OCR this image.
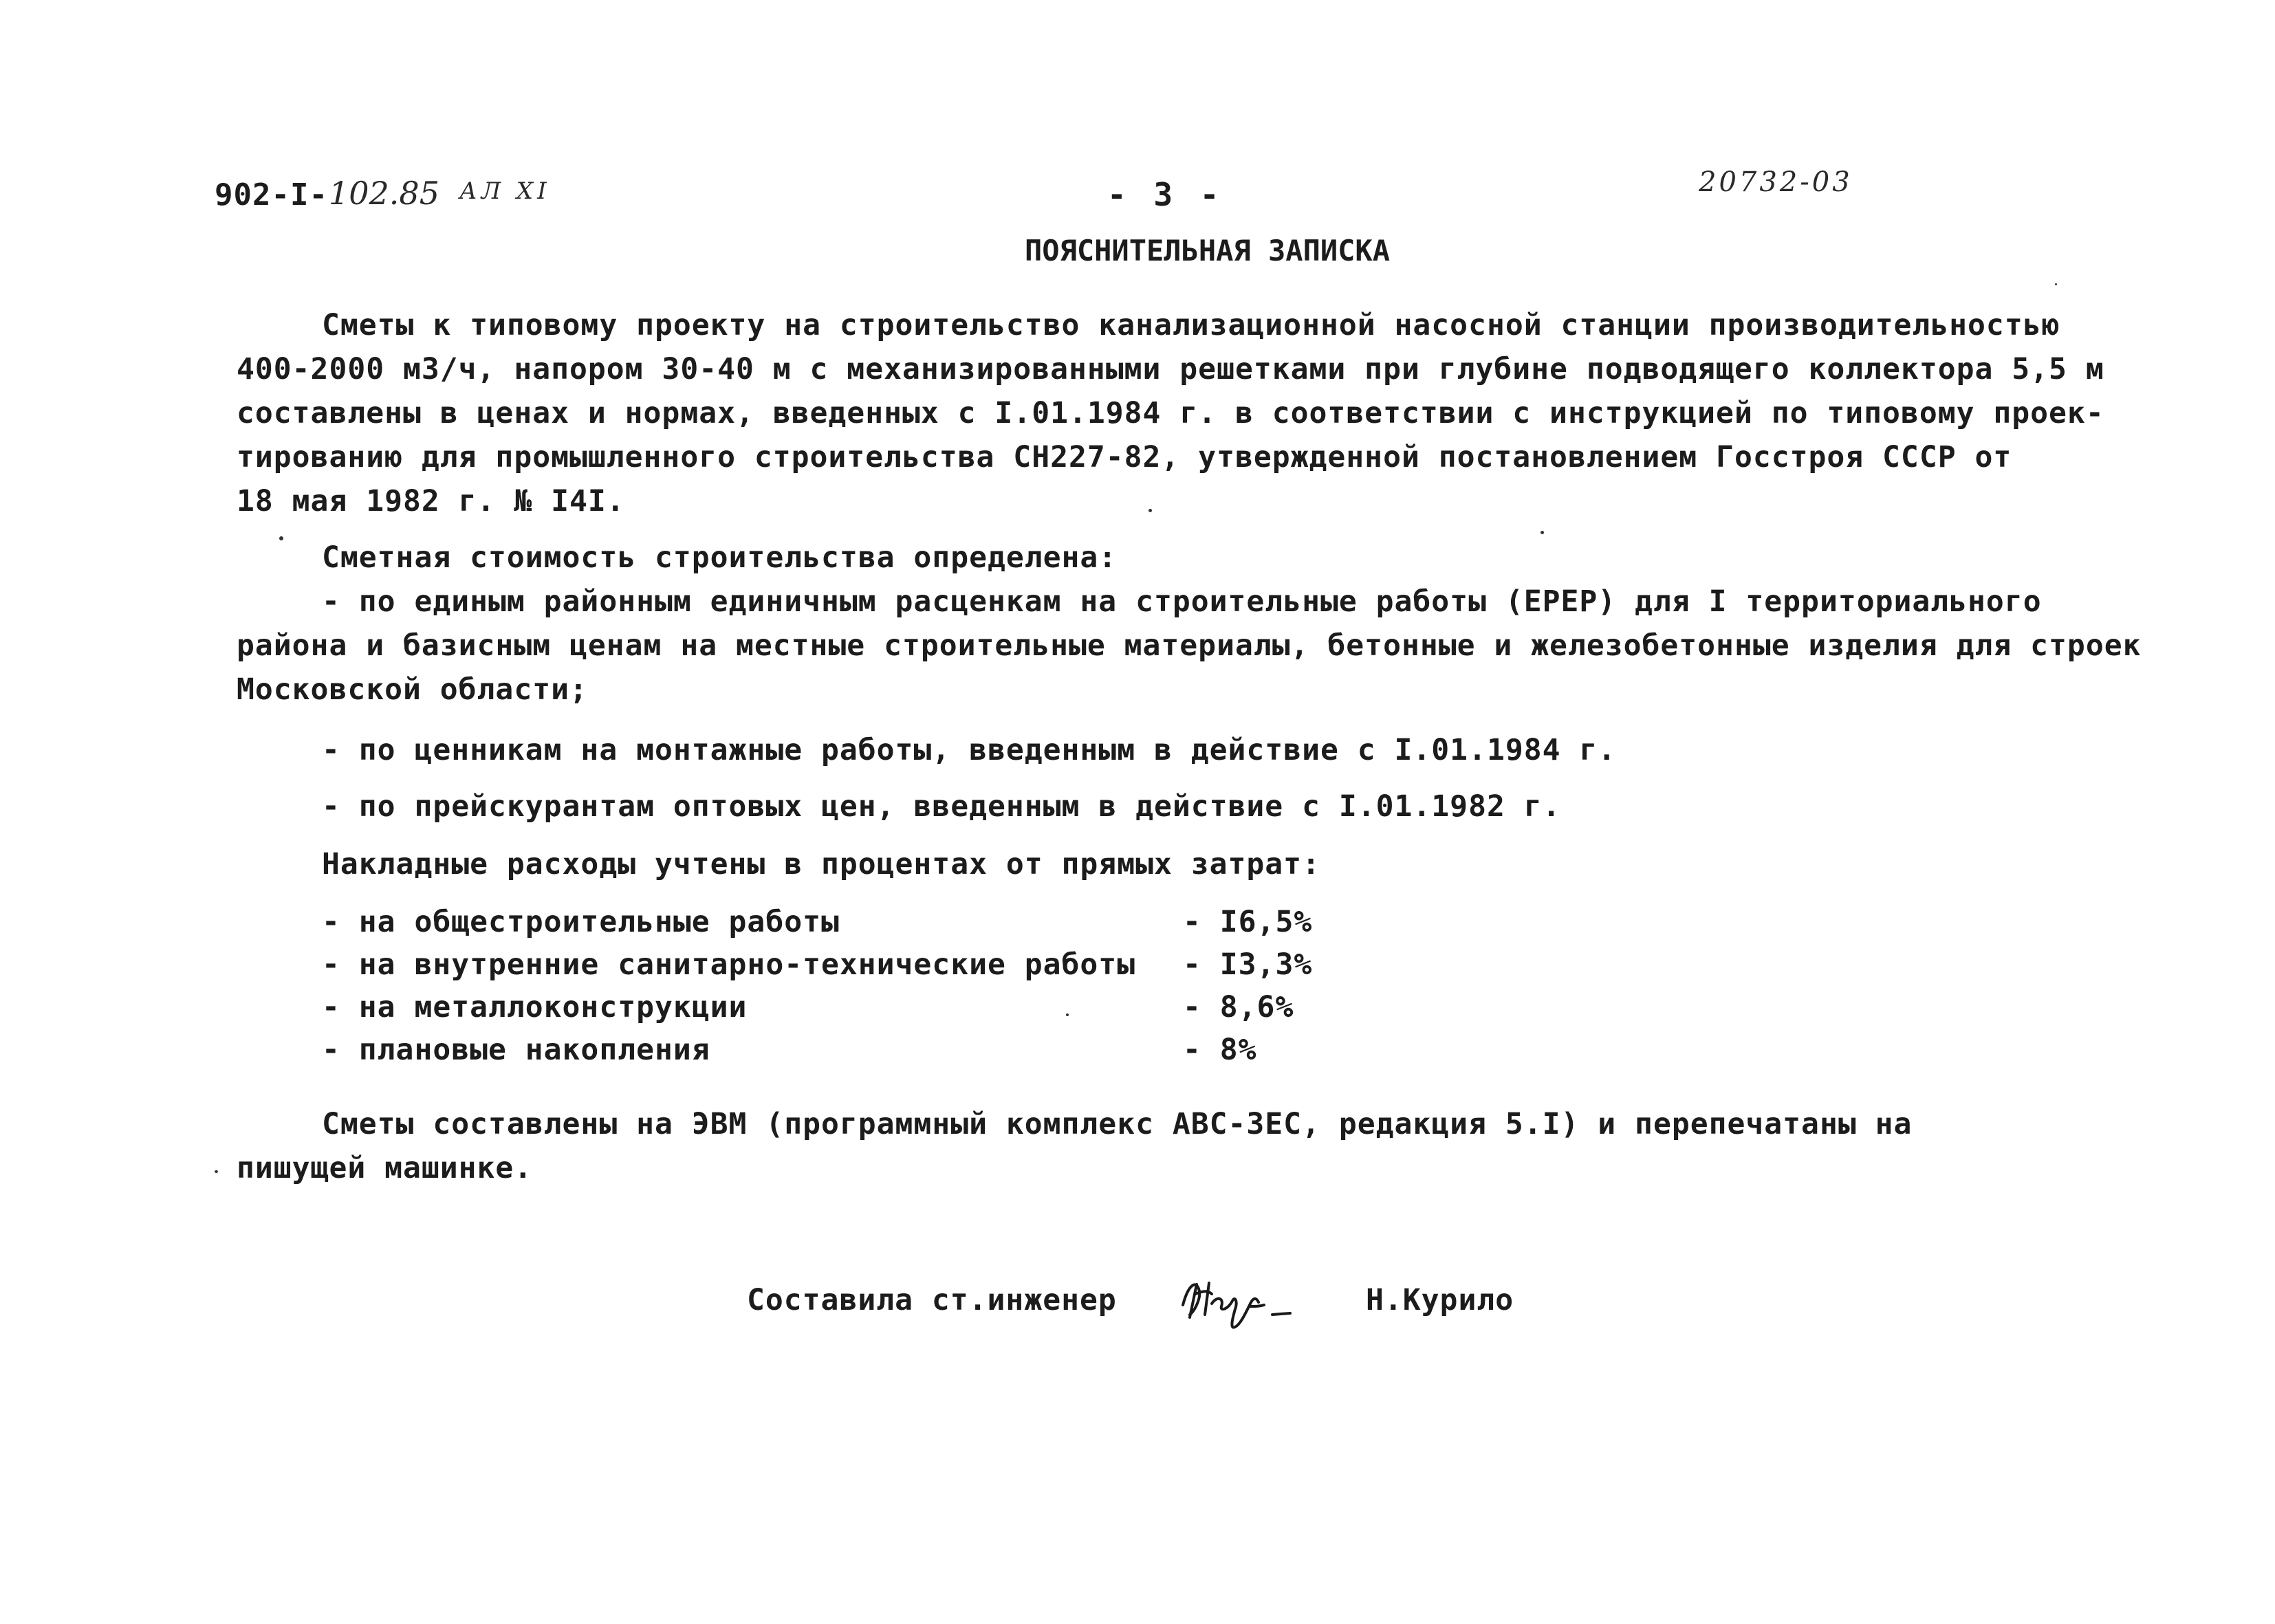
902-I- 102.85 АЛ XI	- 3 -	20732-03
ПОЯСНИТЕЛЬНАЯ ЗАПИСКА
Сметы к типовому проекту на строительство канализационной насосной станции производительностью
400-2000 м3/ч, напором 30-40 м с механизированными решетками при глубине подводящего коллектора 5,5 м
составлены в ценах и нормах, введенных с I.01.1984 г. в соответствии с инструкцией по типовому проек-
тированию для промышленного строительства СН227-82, утвержденной постановлением Госстроя СССР от
18 мая 1982 г. № I4I.
Сметная стоимость строительства определена:
- по единым районным единичным расценкам на строительные работы (ЕРЕР) для I территориального
района и базисным ценам на местные строительные материалы, бетонные и железобетонные изделия для строек
Московской области;
- по ценникам на монтажные работы, введенным в действие с I.01.1984 г.
- по прейскурантам оптовых цен, введенным в действие с I.01.1982 г.
Накладные расходы учтены в процентах от прямых затрат:
- на общестроительные работы	- I6,5%
- на внутренние санитарно-технические работы - I3,3%
- на металлоконструкции	- 8,6%
- плановые накопления	- 8%
Сметы составлены на ЭВМ (программный комплекс АВС-3ЕС, редакция 5.I) и перепечатаны на
пишущей машинке.
Составила ст.инженер	Н.Курило
